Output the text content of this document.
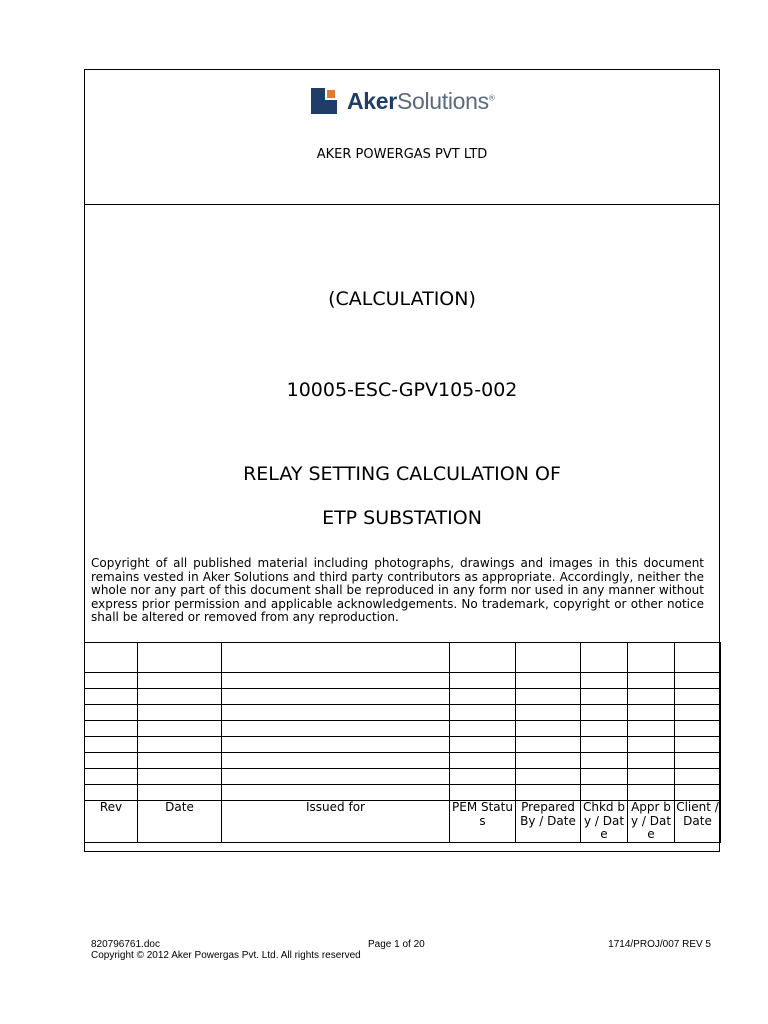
AkerSolutions®
AKER POWERGAS PVT LTD
(CALCULATION)
10005-ESC-GPV105-002
RELAY SETTING CALCULATION OF
ETP SUBSTATION
Copyright of all published material including photographs, drawings and images in this document remains vested in Aker Solutions and third party contributors as appropriate. Accordingly, neither the whole nor any part of this document shall be reproduced in any form nor used in any manner without express prior permission and applicable acknowledgements. No trademark, copyright or other notice shall be altered or removed from any reproduction.

Rev	Date	Issued for	PEM Status	Prepared By / Date	Chkd by / Date	Appr by / Date	Client / Date
820796761.doc
Copyright © 2012 Aker Powergas Pvt. Ltd. All rights reserved
Page 1 of 20	1714/PROJ/007 REV 5
